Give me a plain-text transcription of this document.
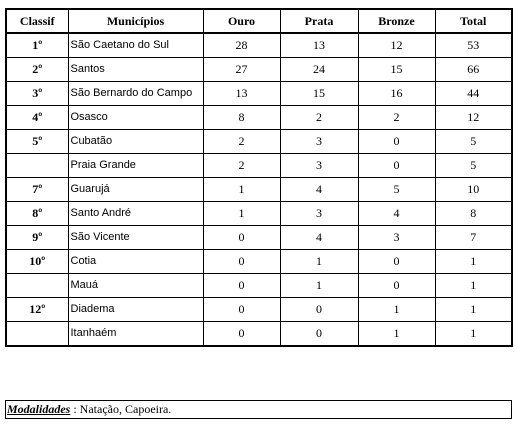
Classif	Municípios	Ouro	Prata	Bronze	Total
1º	São Caetano do Sul	28	13	12	53
2º	Santos	27	24	15	66
3º	São Bernardo do Campo	13	15	16	44
4º	Osasco	8	2	2	12
5º	Cubatão	2	3	0	5
	Praia Grande	2	3	0	5
7º	Guarujá	1	4	5	10
8º	Santo André	1	3	4	8
9º	São Vicente	0	4	3	7
10º	Cotia	0	1	0	1
	Mauá	0	1	0	1
12º	Diadema	0	0	1	1
	Itanhaém	0	0	1	1
Modalidades : Natação, Capoeira.
